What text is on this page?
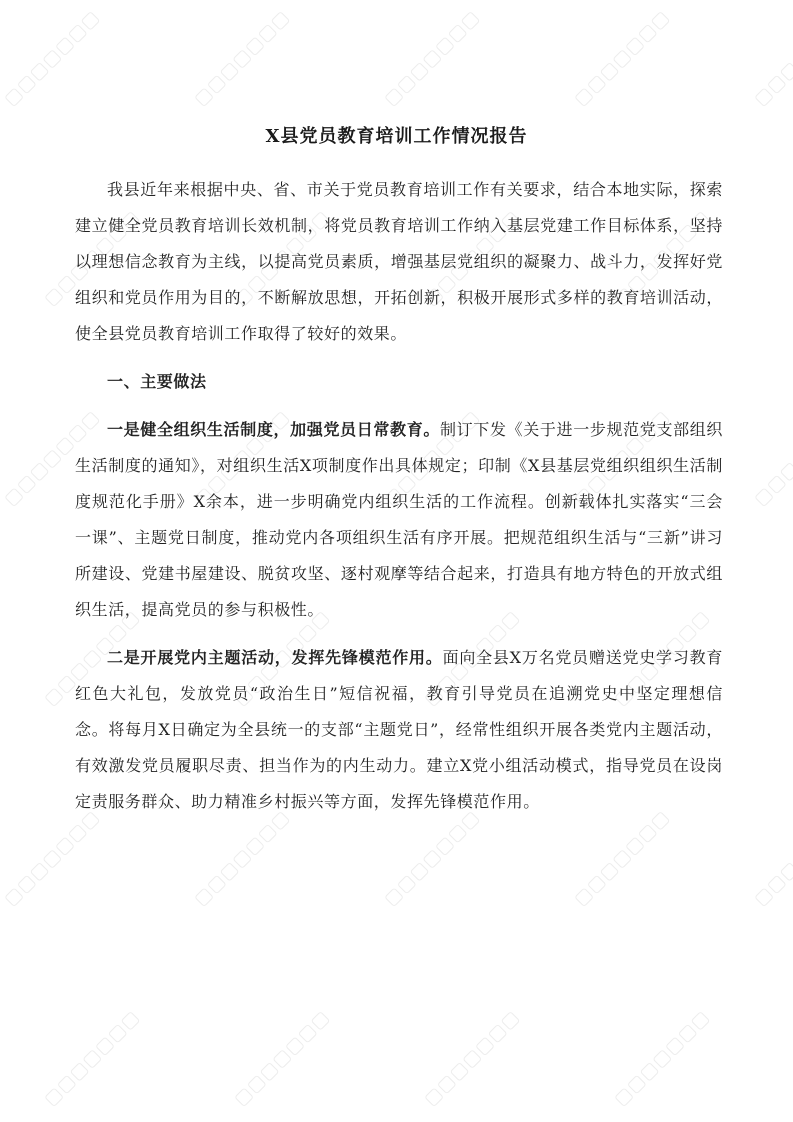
X县党员教育培训工作情况报告

我县近年来根据中央、省、市关于党员教育培训工作有关要求，结合本地实际，探索建立健全党员教育培训长效机制，将党员教育培训工作纳入基层党建工作目标体系，坚持以理想信念教育为主线，以提高党员素质，增强基层党组织的凝聚力、战斗力，发挥好党组织和党员作用为目的，不断解放思想，开拓创新，积极开展形式多样的教育培训活动，使全县党员教育培训工作取得了较好的效果。

一、主要做法

一是健全组织生活制度，加强党员日常教育。制订下发《关于进一步规范党支部组织生活制度的通知》，对组织生活X项制度作出具体规定；印制《X县基层党组织组织生活制度规范化手册》X余本，进一步明确党内组织生活的工作流程。创新载体扎实落实“三会一课”、主题党日制度，推动党内各项组织生活有序开展。把规范组织生活与“三新”讲习所建设、党建书屋建设、脱贫攻坚、逐村观摩等结合起来，打造具有地方特色的开放式组织生活，提高党员的参与积极性。

二是开展党内主题活动，发挥先锋模范作用。面向全县X万名党员赠送党史学习教育红色大礼包，发放党员“政治生日”短信祝福，教育引导党员在追溯党史中坚定理想信念。将每月X日确定为全县统一的支部“主题党日”，经常性组织开展各类党内主题活动，有效激发党员履职尽责、担当作为的内生动力。建立X党小组活动模式，指导党员在设岗定责服务群众、助力精准乡村振兴等方面，发挥先锋模范作用。
